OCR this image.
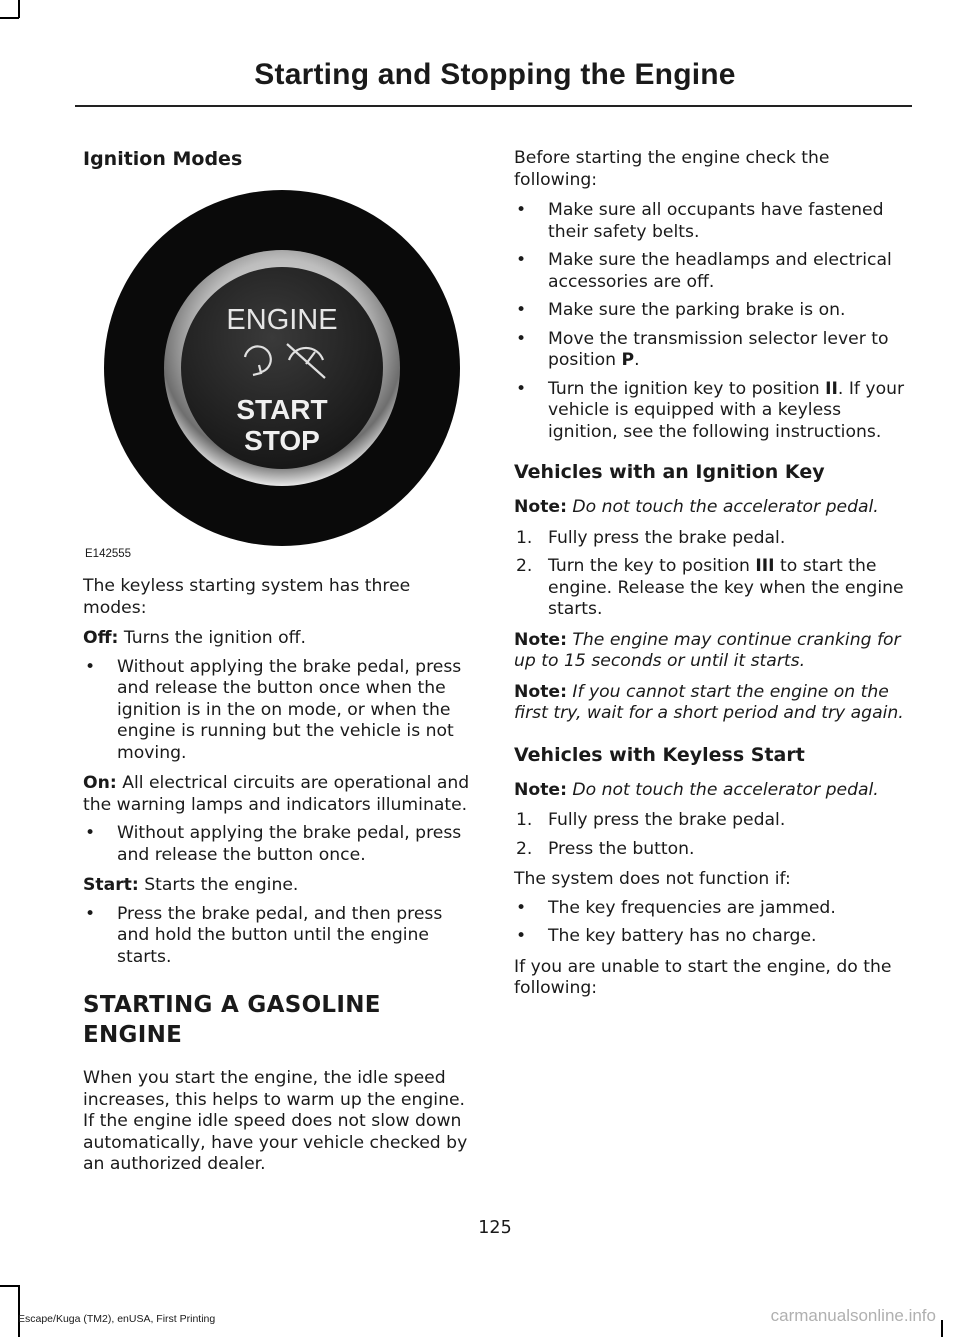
Starting and Stopping the Engine
Ignition Modes
ENGINE
START
STOP
E142555

The keyless starting system has three modes:

Off: Turns the ignition off.

• Without applying the brake pedal, press and release the button once when the ignition is in the on mode, or when the engine is running but the vehicle is not moving.

On: All electrical circuits are operational and the warning lamps and indicators illuminate.

• Without applying the brake pedal, press and release the button once.

Start: Starts the engine.

• Press the brake pedal, and then press and hold the button until the engine starts.
STARTING A GASOLINE
ENGINE

When you start the engine, the idle speed increases, this helps to warm up the engine. If the engine idle speed does not slow down automatically, have your vehicle checked by an authorized dealer.

Before starting the engine check the following:

• Make sure all occupants have fastened their safety belts.
• Make sure the headlamps and electrical accessories are off.
• Make sure the parking brake is on.
• Move the transmission selector lever to position P.
• Turn the ignition key to position II. If your vehicle is equipped with a keyless ignition, see the following instructions.
Vehicles with an Ignition Key

Note: Do not touch the accelerator pedal.

1. Fully press the brake pedal.
2. Turn the key to position III to start the engine. Release the key when the engine starts.

Note: The engine may continue cranking for up to 15 seconds or until it starts.

Note: If you cannot start the engine on the first try, wait for a short period and try again.

Vehicles with Keyless Start

Note: Do not touch the accelerator pedal.

1. Fully press the brake pedal.
2. Press the button.

The system does not function if:

• The key frequencies are jammed.
• The key battery has no charge.

If you are unable to start the engine, do the following:

125
Escape/Kuga (TM2), enUSA, First Printing	carmanualsonline.info
